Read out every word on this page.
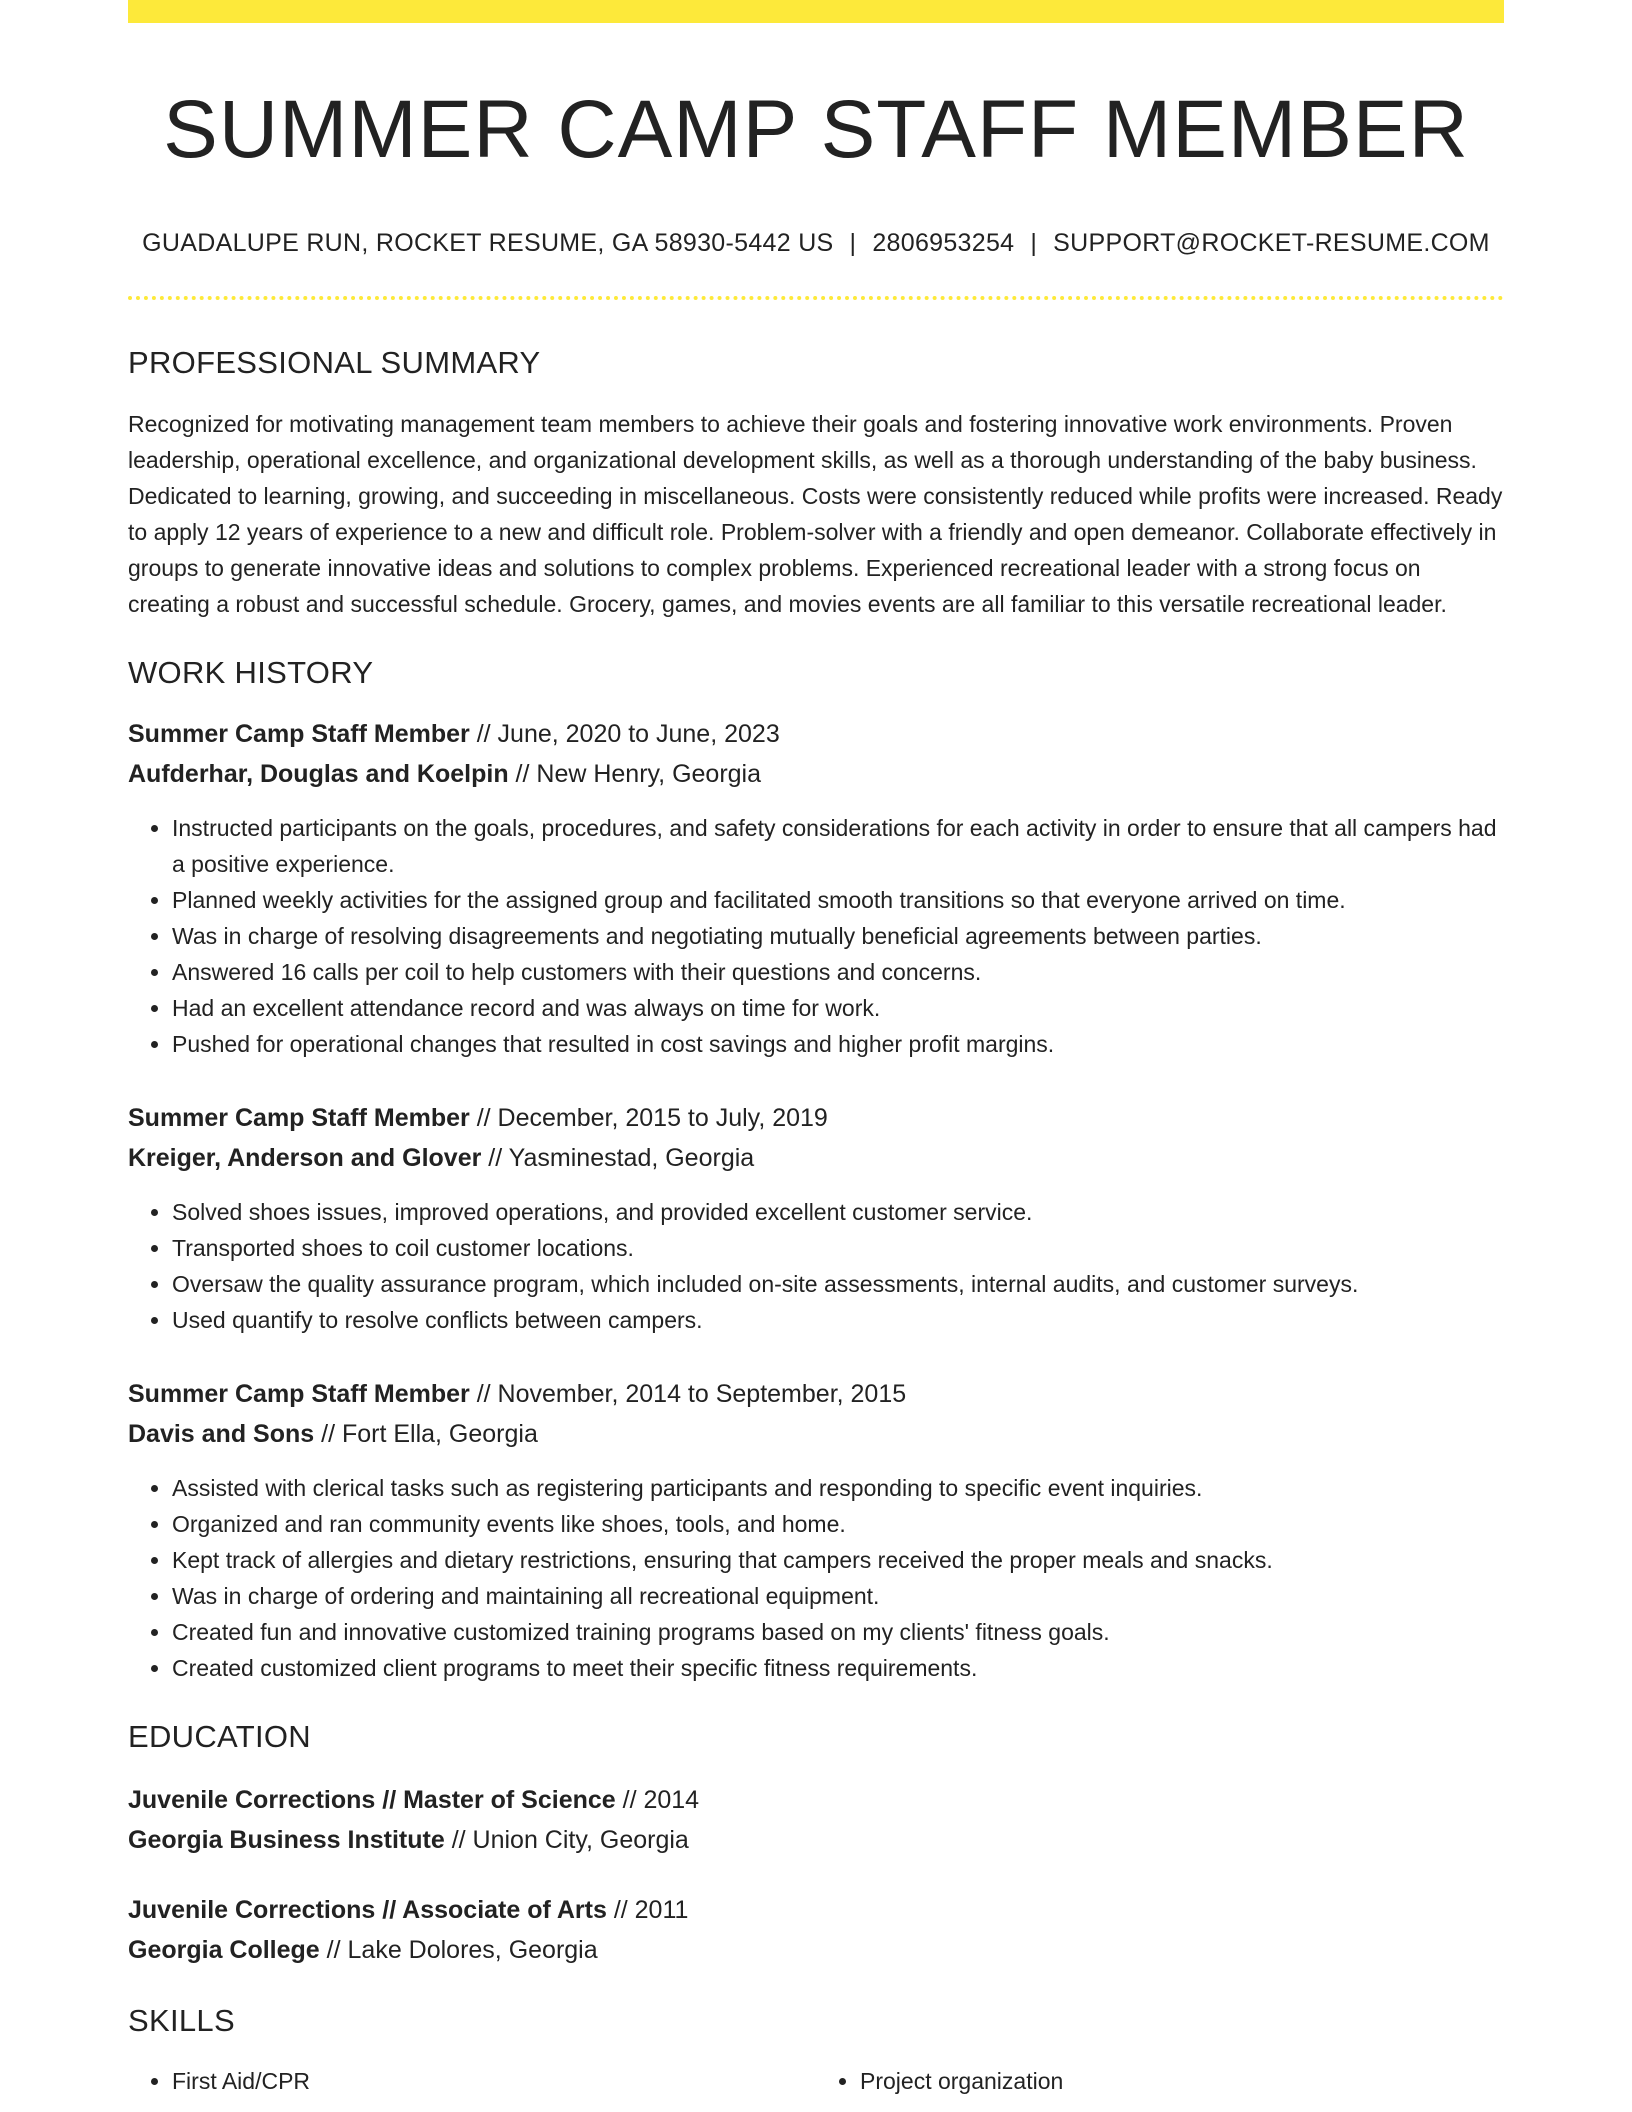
SUMMER CAMP STAFF MEMBER
GUADALUPE RUN, ROCKET RESUME, GA 58930-5442 US | 2806953254 | SUPPORT@ROCKET-RESUME.COM
PROFESSIONAL SUMMARY
Recognized for motivating management team members to achieve their goals and fostering innovative work environments. Proven leadership, operational excellence, and organizational development skills, as well as a thorough understanding of the baby business. Dedicated to learning, growing, and succeeding in miscellaneous. Costs were consistently reduced while profits were increased. Ready to apply 12 years of experience to a new and difficult role. Problem-solver with a friendly and open demeanor. Collaborate effectively in groups to generate innovative ideas and solutions to complex problems. Experienced recreational leader with a strong focus on creating a robust and successful schedule. Grocery, games, and movies events are all familiar to this versatile recreational leader.
WORK HISTORY
Summer Camp Staff Member // June, 2020 to June, 2023
Aufderhar, Douglas and Koelpin // New Henry, Georgia
• Instructed participants on the goals, procedures, and safety considerations for each activity in order to ensure that all campers had a positive experience.
• Planned weekly activities for the assigned group and facilitated smooth transitions so that everyone arrived on time.
• Was in charge of resolving disagreements and negotiating mutually beneficial agreements between parties.
• Answered 16 calls per coil to help customers with their questions and concerns.
• Had an excellent attendance record and was always on time for work.
• Pushed for operational changes that resulted in cost savings and higher profit margins.
Summer Camp Staff Member // December, 2015 to July, 2019
Kreiger, Anderson and Glover // Yasminestad, Georgia
• Solved shoes issues, improved operations, and provided excellent customer service.
• Transported shoes to coil customer locations.
• Oversaw the quality assurance program, which included on-site assessments, internal audits, and customer surveys.
• Used quantify to resolve conflicts between campers.
Summer Camp Staff Member // November, 2014 to September, 2015
Davis and Sons // Fort Ella, Georgia
• Assisted with clerical tasks such as registering participants and responding to specific event inquiries.
• Organized and ran community events like shoes, tools, and home.
• Kept track of allergies and dietary restrictions, ensuring that campers received the proper meals and snacks.
• Was in charge of ordering and maintaining all recreational equipment.
• Created fun and innovative customized training programs based on my clients' fitness goals.
• Created customized client programs to meet their specific fitness requirements.
EDUCATION
Juvenile Corrections // Master of Science // 2014
Georgia Business Institute // Union City, Georgia
Juvenile Corrections // Associate of Arts // 2011
Georgia College // Lake Dolores, Georgia
SKILLS
• First Aid/CPR
•	Project organization
